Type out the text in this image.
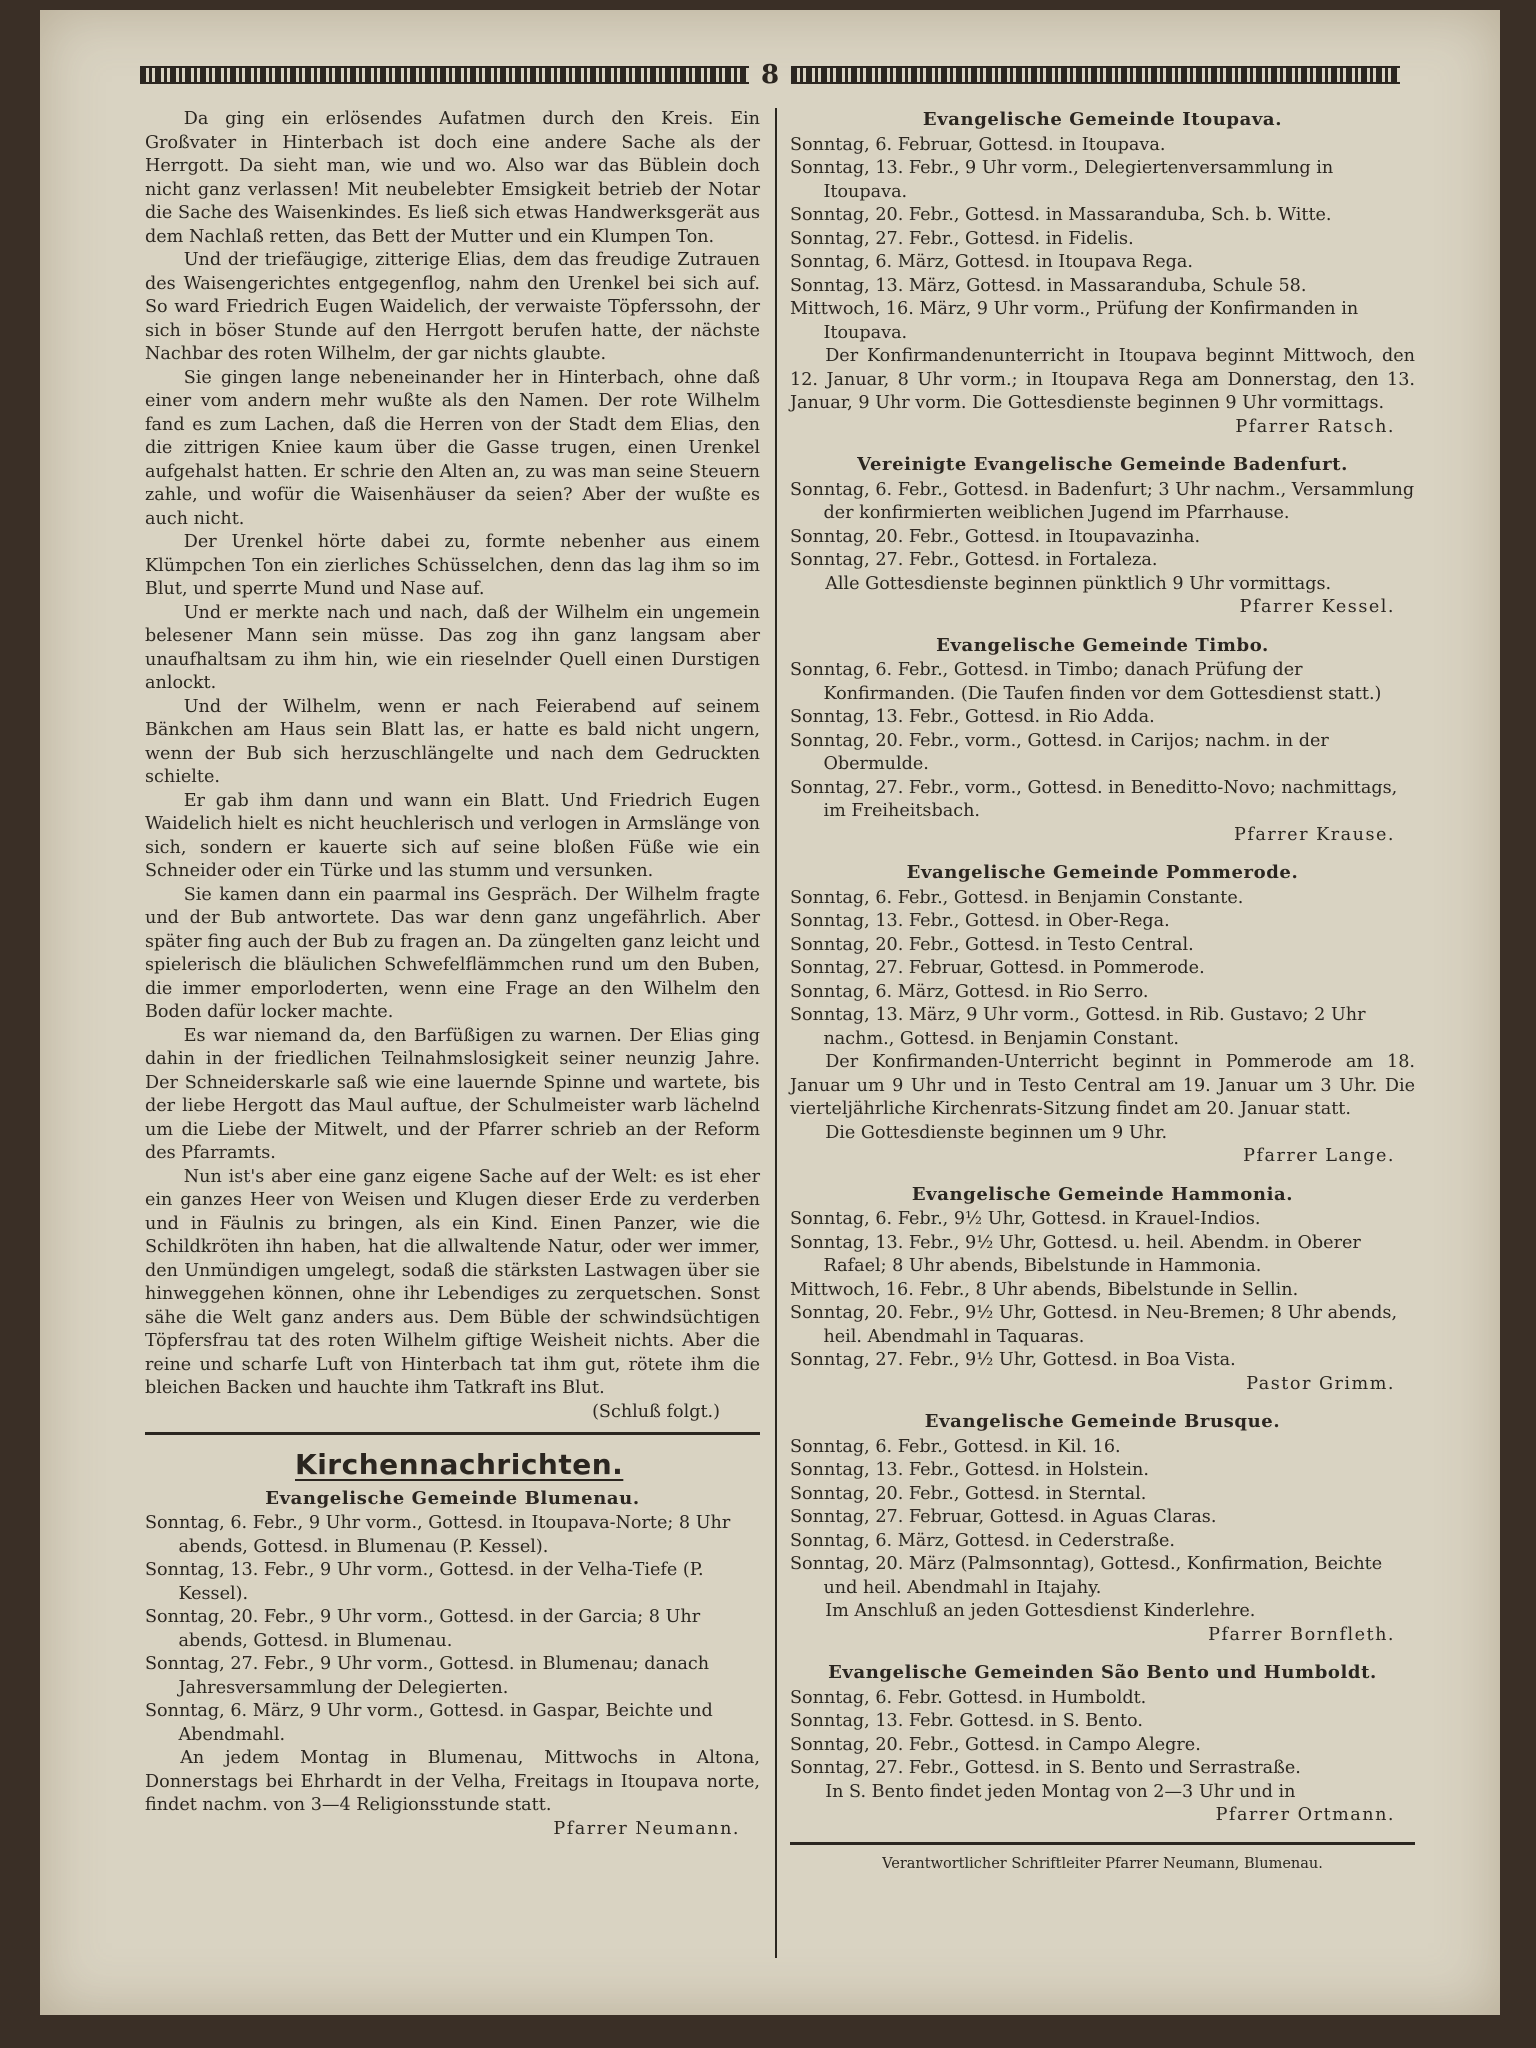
8

Da ging ein erlösendes Aufatmen durch den Kreis. Ein Großvater in Hinterbach ist doch eine andere Sache als der Herrgott. Da sieht man, wie und wo. Also war das Büblein doch nicht ganz verlassen! Mit neubelebter Emsigkeit betrieb der Notar die Sache des Waisenkindes. Es ließ sich etwas Handwerksgerät aus dem Nachlaß retten, das Bett der Mutter und ein Klumpen Ton.

Und der triefäugige, zitterige Elias, dem das freudige Zutrauen des Waisengerichtes entgegenflog, nahm den Urenkel bei sich auf. So ward Friedrich Eugen Waidelich, der verwaiste Töpferssohn, der sich in böser Stunde auf den Herrgott berufen hatte, der nächste Nachbar des roten Wilhelm, der gar nichts glaubte.

Sie gingen lange nebeneinander her in Hinterbach, ohne daß einer vom andern mehr wußte als den Namen. Der rote Wilhelm fand es zum Lachen, daß die Herren von der Stadt dem Elias, den die zittrigen Kniee kaum über die Gasse trugen, einen Urenkel aufgehalst hatten. Er schrie den Alten an, zu was man seine Steuern zahle, und wofür die Waisenhäuser da seien? Aber der wußte es auch nicht.

Der Urenkel hörte dabei zu, formte nebenher aus einem Klümpchen Ton ein zierliches Schüsselchen, denn das lag ihm so im Blut, und sperrte Mund und Nase auf.

Und er merkte nach und nach, daß der Wilhelm ein ungemein belesener Mann sein müsse. Das zog ihn ganz langsam aber unaufhaltsam zu ihm hin, wie ein rieselnder Quell einen Durstigen anlockt.

Und der Wilhelm, wenn er nach Feierabend auf seinem Bänkchen am Haus sein Blatt las, er hatte es bald nicht ungern, wenn der Bub sich herzuschlängelte und nach dem Gedruckten schielte.

Er gab ihm dann und wann ein Blatt. Und Friedrich Eugen Waidelich hielt es nicht heuchlerisch und verlogen in Armslänge von sich, sondern er kauerte sich auf seine bloßen Füße wie ein Schneider oder ein Türke und las stumm und versunken.

Sie kamen dann ein paarmal ins Gespräch. Der Wilhelm fragte und der Bub antwortete. Das war denn ganz ungefährlich. Aber später fing auch der Bub zu fragen an. Da züngelten ganz leicht und spielerisch die bläulichen Schwefelflämmchen rund um den Buben, die immer emporloderten, wenn eine Frage an den Wilhelm den Boden dafür locker machte.

Es war niemand da, den Barfüßigen zu warnen. Der Elias ging dahin in der friedlichen Teilnahmslosigkeit seiner neunzig Jahre. Der Schneiderskarle saß wie eine lauernde Spinne und wartete, bis der liebe Hergott das Maul auftue, der Schulmeister warb lächelnd um die Liebe der Mitwelt, und der Pfarrer schrieb an der Reform des Pfarramts.

Nun ist's aber eine ganz eigene Sache auf der Welt: es ist eher ein ganzes Heer von Weisen und Klugen dieser Erde zu verderben und in Fäulnis zu bringen, als ein Kind. Einen Panzer, wie die Schildkröten ihn haben, hat die allwaltende Natur, oder wer immer, den Unmündigen umgelegt, sodaß die stärksten Lastwagen über sie hinweggehen können, ohne ihr Lebendiges zu zerquetschen. Sonst sähe die Welt ganz anders aus. Dem Büble der schwindsüchtigen Töpfersfrau tat des roten Wilhelm giftige Weisheit nichts. Aber die reine und scharfe Luft von Hinterbach tat ihm gut, rötete ihm die bleichen Backen und hauchte ihm Tatkraft ins Blut.

(Schluß folgt.)

Kirchennachrichten.
Evangelische Gemeinde Blumenau.

Sonntag, 6. Febr., 9 Uhr vorm., Gottesd. in Itoupava-Norte; 8 Uhr abends, Gottesd. in Blumenau (P. Kessel).

Sonntag, 13. Febr., 9 Uhr vorm., Gottesd. in der Velha-Tiefe (P. Kessel).

Sonntag, 20. Febr., 9 Uhr vorm., Gottesd. in der Garcia; 8 Uhr abends, Gottesd. in Blumenau.

Sonntag, 27. Febr., 9 Uhr vorm., Gottesd. in Blumenau; danach Jahresversammlung der Delegierten.

Sonntag, 6. März, 9 Uhr vorm., Gottesd. in Gaspar, Beichte und Abendmahl.

An jedem Montag in Blumenau, Mittwochs in Altona, Donnerstags bei Ehrhardt in der Velha, Freitags in Itoupava norte, findet nachm. von 3—4 Religionsstunde statt.

Pfarrer Neumann.
Evangelische Gemeinde Itoupava.

Sonntag, 6. Februar, Gottesd. in Itoupava.

Sonntag, 13. Febr., 9 Uhr vorm., Delegiertenversammlung in Itoupava.

Sonntag, 20. Febr., Gottesd. in Massaranduba, Sch. b. Witte.

Sonntag, 27. Febr., Gottesd. in Fidelis.

Sonntag, 6. März, Gottesd. in Itoupava Rega.

Sonntag, 13. März, Gottesd. in Massaranduba, Schule 58.

Mittwoch, 16. März, 9 Uhr vorm., Prüfung der Konfirmanden in Itoupava.

Der Konfirmandenunterricht in Itoupava beginnt Mittwoch, den 12. Januar, 8 Uhr vorm.; in Itoupava Rega am Donnerstag, den 13. Januar, 9 Uhr vorm. Die Gottesdienste beginnen 9 Uhr vormittags.

Pfarrer Ratsch.
Vereinigte Evangelische Gemeinde Badenfurt.

Sonntag, 6. Febr., Gottesd. in Badenfurt; 3 Uhr nachm., Versammlung der konfirmierten weiblichen Jugend im Pfarrhause.

Sonntag, 20. Febr., Gottesd. in Itoupavazinha.

Sonntag, 27. Febr., Gottesd. in Fortaleza.

Alle Gottesdienste beginnen pünktlich 9 Uhr vormittags.

Pfarrer Kessel.
Evangelische Gemeinde Timbo.

Sonntag, 6. Febr., Gottesd. in Timbo; danach Prüfung der Konfirmanden. (Die Taufen finden vor dem Gottesdienst statt.)

Sonntag, 13. Febr., Gottesd. in Rio Adda.

Sonntag, 20. Febr., vorm., Gottesd. in Carijos; nachm. in der Obermulde.

Sonntag, 27. Febr., vorm., Gottesd. in Beneditto-Novo; nachmittags, im Freiheitsbach.

Pfarrer Krause.
Evangelische Gemeinde Pommerode.

Sonntag, 6. Febr., Gottesd. in Benjamin Constante.

Sonntag, 13. Febr., Gottesd. in Ober-Rega.

Sonntag, 20. Febr., Gottesd. in Testo Central.

Sonntag, 27. Februar, Gottesd. in Pommerode.

Sonntag, 6. März, Gottesd. in Rio Serro.

Sonntag, 13. März, 9 Uhr vorm., Gottesd. in Rib. Gustavo; 2 Uhr nachm., Gottesd. in Benjamin Constant.

Der Konfirmanden-Unterricht beginnt in Pommerode am 18. Januar um 9 Uhr und in Testo Central am 19. Januar um 3 Uhr. Die vierteljährliche Kirchenrats-Sitzung findet am 20. Januar statt.

Die Gottesdienste beginnen um 9 Uhr.

Pfarrer Lange.
Evangelische Gemeinde Hammonia.

Sonntag, 6. Febr., 9½ Uhr, Gottesd. in Krauel-Indios.

Sonntag, 13. Febr., 9½ Uhr, Gottesd. u. heil. Abendm. in Oberer Rafael; 8 Uhr abends, Bibelstunde in Hammonia.

Mittwoch, 16. Febr., 8 Uhr abends, Bibelstunde in Sellin.

Sonntag, 20. Febr., 9½ Uhr, Gottesd. in Neu-Bremen; 8 Uhr abends, heil. Abendmahl in Taquaras.

Sonntag, 27. Febr., 9½ Uhr, Gottesd. in Boa Vista.

Pastor Grimm.
Evangelische Gemeinde Brusque.

Sonntag, 6. Febr., Gottesd. in Kil. 16.

Sonntag, 13. Febr., Gottesd. in Holstein.

Sonntag, 20. Febr., Gottesd. in Sterntal.

Sonntag, 27. Februar, Gottesd. in Aguas Claras.

Sonntag, 6. März, Gottesd. in Cederstraße.

Sonntag, 20. März (Palmsonntag), Gottesd., Konfirmation, Beichte und heil. Abendmahl in Itajahy.

Im Anschluß an jeden Gottesdienst Kinderlehre.

Pfarrer Bornfleth.
Evangelische Gemeinden São Bento und Humboldt.

Sonntag, 6. Febr. Gottesd. in Humboldt.

Sonntag, 13. Febr. Gottesd. in S. Bento.

Sonntag, 20. Febr., Gottesd. in Campo Alegre.

Sonntag, 27. Febr., Gottesd. in S. Bento und Serrastraße.

In S. Bento findet jeden Montag von 2—3 Uhr und in

Pfarrer Ortmann.
Verantwortlicher Schriftleiter Pfarrer Neumann, Blumenau.
